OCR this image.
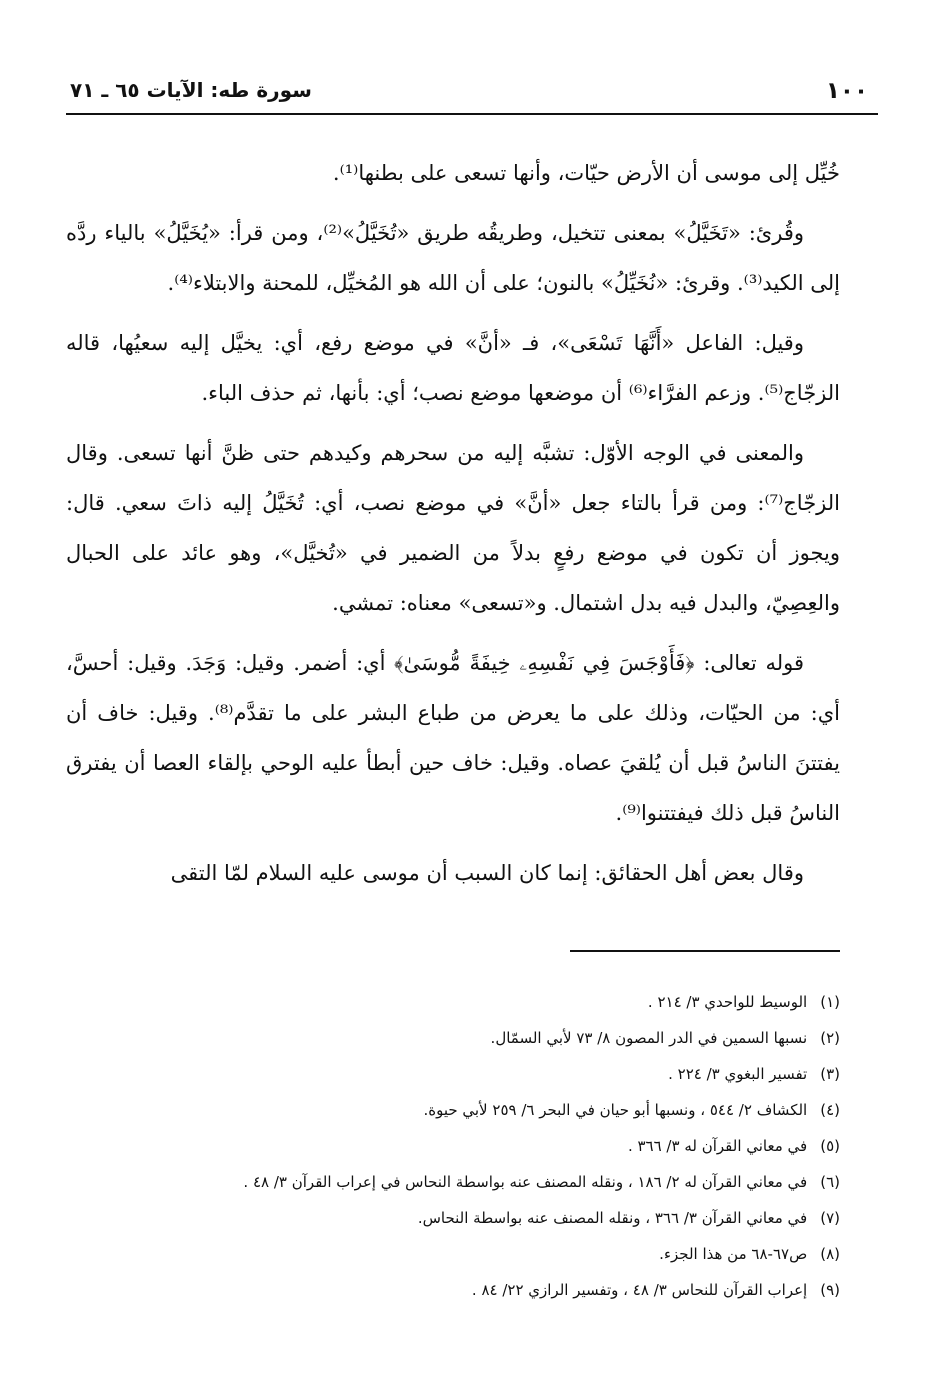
١٠٠
سورة طه: الآيات ٦٥ ـ ٧١

خُيِّل إلى موسى أن الأرض حيّات، وأنها تسعى على بطنها⁽¹⁾.

وقُرئ: «تَخَيَّلُ» بمعنى تتخيل، وطريقُه طريق «تُخَيَّلُ»⁽²⁾، ومن قرأ: «يُخَيَّلُ» بالياء ردَّه إلى الكيد⁽³⁾. وقرئ: «نُخَيِّلُ» بالنون؛ على أن الله هو المُخيِّل، للمحنة والابتلاء⁽⁴⁾.

وقيل: الفاعل «أَنَّهَا تَسْعَى»، فـ «أنَّ» في موضع رفع، أي: يخيَّل إليه سعيُها، قاله الزجّاج⁽⁵⁾. وزعم الفرَّاء⁽⁶⁾ أن موضعها موضع نصب؛ أي: بأنها، ثم حذف الباء.

والمعنى في الوجه الأوّل: تشبَّه إليه من سحرهم وكيدهم حتى ظنَّ أنها تسعى. وقال الزجّاج⁽⁷⁾: ومن قرأ بالتاء جعل «أنَّ» في موضع نصب، أي: تُخَيَّلُ إليه ذاتَ سعي. قال: ويجوز أن تكون في موضع رفعٍ بدلاً من الضمير في «تُخيَّل»، وهو عائد على الحبال والعِصِيّ، والبدل فيه بدل اشتمال. و«تسعى» معناه: تمشي.

قوله تعالى: ﴿فَأَوْجَسَ فِي نَفْسِهِۦ خِيفَةً مُّوسَىٰ﴾ أي: أضمر. وقيل: وَجَدَ. وقيل: أحسَّ، أي: من الحيّات، وذلك على ما يعرض من طباع البشر على ما تقدَّم⁽⁸⁾. وقيل: خاف أن يفتتنَ الناسُ قبل أن يُلقيَ عصاه. وقيل: خاف حين أبطأ عليه الوحي بإلقاء العصا أن يفترق الناسُ قبل ذلك فيفتتنوا⁽⁹⁾.

وقال بعض أهل الحقائق: إنما كان السبب أن موسى عليه السلام لمّا التقى

(١) الوسيط للواحدي ٣/ ٢١٤ .

(٢) نسبها السمين في الدر المصون ٨/ ٧٣ لأبي السمّال.

(٣) تفسير البغوي ٣/ ٢٢٤ .

(٤) الكشاف ٢/ ٥٤٤ ، ونسبها أبو حيان في البحر ٦/ ٢٥٩ لأبي حيوة.

(٥) في معاني القرآن له ٣/ ٣٦٦ .

(٦) في معاني القرآن له ٢/ ١٨٦ ، ونقله المصنف عنه بواسطة النحاس في إعراب القرآن ٣/ ٤٨ .

(٧) في معاني القرآن ٣/ ٣٦٦ ، ونقله المصنف عنه بواسطة النحاس.

(٨) ص٦٧-٦٨ من هذا الجزء.

(٩) إعراب القرآن للنحاس ٣/ ٤٨ ، وتفسير الرازي ٢٢/ ٨٤ .
